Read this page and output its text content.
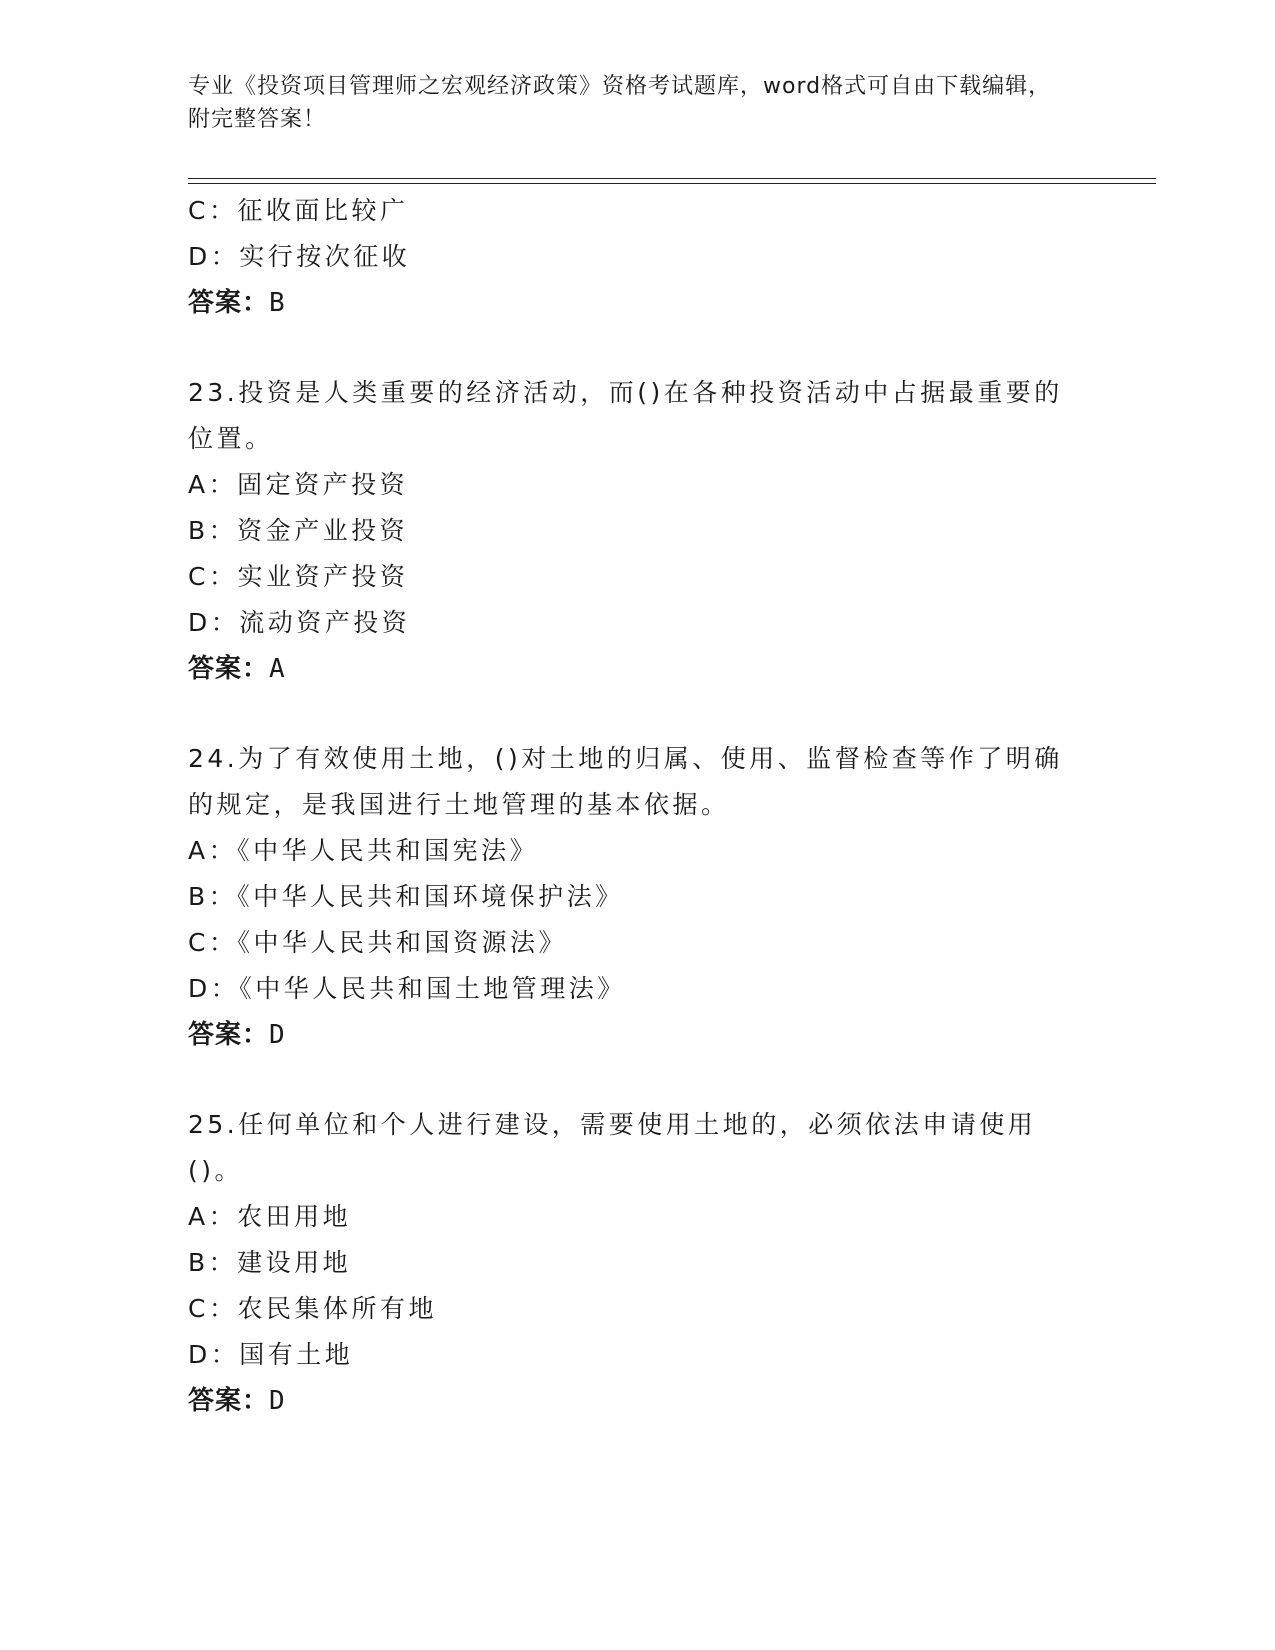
专业《投资项目管理师之宏观经济政策》资格考试题库，word格式可自由下载编辑，附完整答案！
C：征收面比较广
D：实行按次征收
答案：B
23.投资是人类重要的经济活动，而()在各种投资活动中占据最重要的位置。
A：固定资产投资
B：资金产业投资
C：实业资产投资
D：流动资产投资
答案：A
24.为了有效使用土地，()对土地的归属、使用、监督检查等作了明确的规定，是我国进行土地管理的基本依据。
A：《中华人民共和国宪法》
B：《中华人民共和国环境保护法》
C：《中华人民共和国资源法》
D：《中华人民共和国土地管理法》
答案：D
25.任何单位和个人进行建设，需要使用土地的，必须依法申请使用()。
A：农田用地
B：建设用地
C：农民集体所有地
D：国有土地
答案：D
